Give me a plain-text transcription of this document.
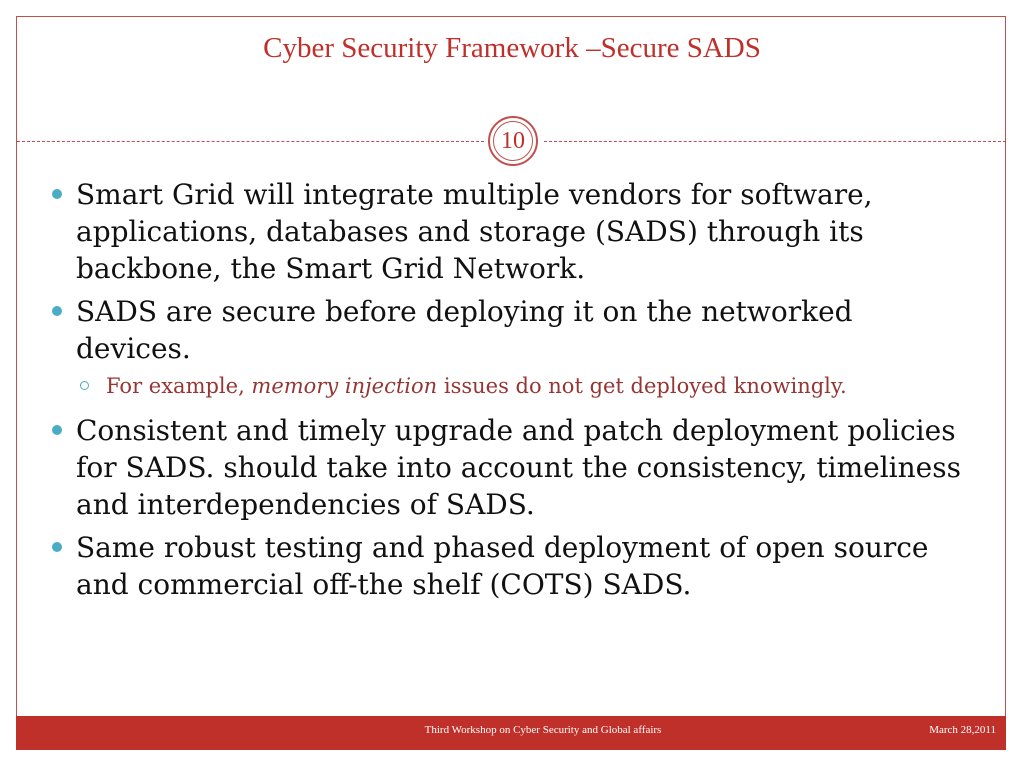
Cyber Security Framework –Secure SADS
10
Smart Grid will integrate multiple vendors for software, applications, databases and storage (SADS) through its backbone, the Smart Grid Network.
SADS are secure before deploying it on the networked devices.
For example, memory injection issues do not get deployed knowingly.
Consistent and timely upgrade and patch deployment policies for SADS. should take into account the consistency, timeliness and interdependencies of SADS.
Same robust testing and phased deployment of open source and commercial off-the shelf (COTS) SADS.
Third Workshop on Cyber Security and Global affairs	March 28,2011
